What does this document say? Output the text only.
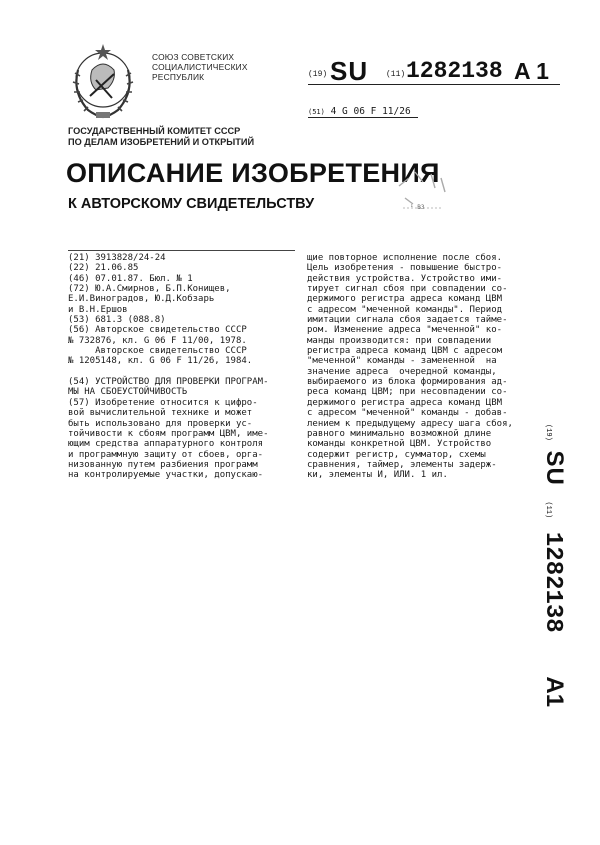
СОЮЗ СОВЕТСКИХ
СОЦИАЛИСТИЧЕСКИХ
РЕСПУБЛИК	(19) SU (11) 1282138 A 1
(51) 4 G 06 F 11/26
ГОСУДАРСТВЕННЫЙ КОМИТЕТ СССР
ПО ДЕЛАМ ИЗОБРЕТЕНИЙ И ОТКРЫТИЙ
ОПИСАНИЕ ИЗОБРЕТЕНИЯ
К АВТОРСКОМУ СВИДЕТЕЛЬСТВУ	¹ ВЗ
(21) 3913828/24-24
(22) 21.06.85
(46) 07.01.87. Бюл. № 1
(72) Ю.А.Смирнов, Б.П.Конищев,
Е.И.Виноградов, Ю.Д.Кобзарь
и В.Н.Ершов
(53) 681.3 (088.8)
(56) Авторское свидетельство СССР
№ 732876, кл. G 06 F 11/00, 1978.
Авторское свидетельство СССР
№ 1205148, кл. G 06 F 11/26, 1984.

(54) УСТРОЙСТВО ДЛЯ ПРОВЕРКИ ПРОГРАМ-
МЫ НА СБОЕУСТОЙЧИВОСТЬ
(57) Изобретение относится к цифро-
вой вычислительной технике и может
быть использовано для проверки ус-
тойчивости к сбоям программ ЦВМ, име-
ющим средства аппаратурного контроля
и программную защиту от сбоев, орга-
низованную путем разбиения программ
на контролируемые участки, допускаю-
щие повторное исполнение после сбоя.
Цель изобретения - повышение быстро-
действия устройства. Устройство ими-
тирует сигнал сбоя при совпадении со-
держимого регистра адреса команд ЦВМ
с адресом "меченной команды". Период
имитации сигнала сбоя задается тайме-
ром. Изменение адреса "меченной" ко-
манды производится: при совпадении
регистра адреса команд ЦВМ с адресом
"меченной" команды - замененной  на
значение адреса  очередной команды,
выбираемого из блока формирования ад-
реса команд ЦВМ; при несовпадении со-
держимого регистра адреса команд ЦВМ
с адресом "меченной" команды - добав-
лением к предыдущему адресу шага сбоя,
равного минимально возможной длине
команды конкретной ЦВМ. Устройство
содержит регистр, сумматор, схемы
сравнения, таймер, элементы задерж-
ки, элементы И, ИЛИ. 1 ил.
(19) SU (11) 1282138 A1
